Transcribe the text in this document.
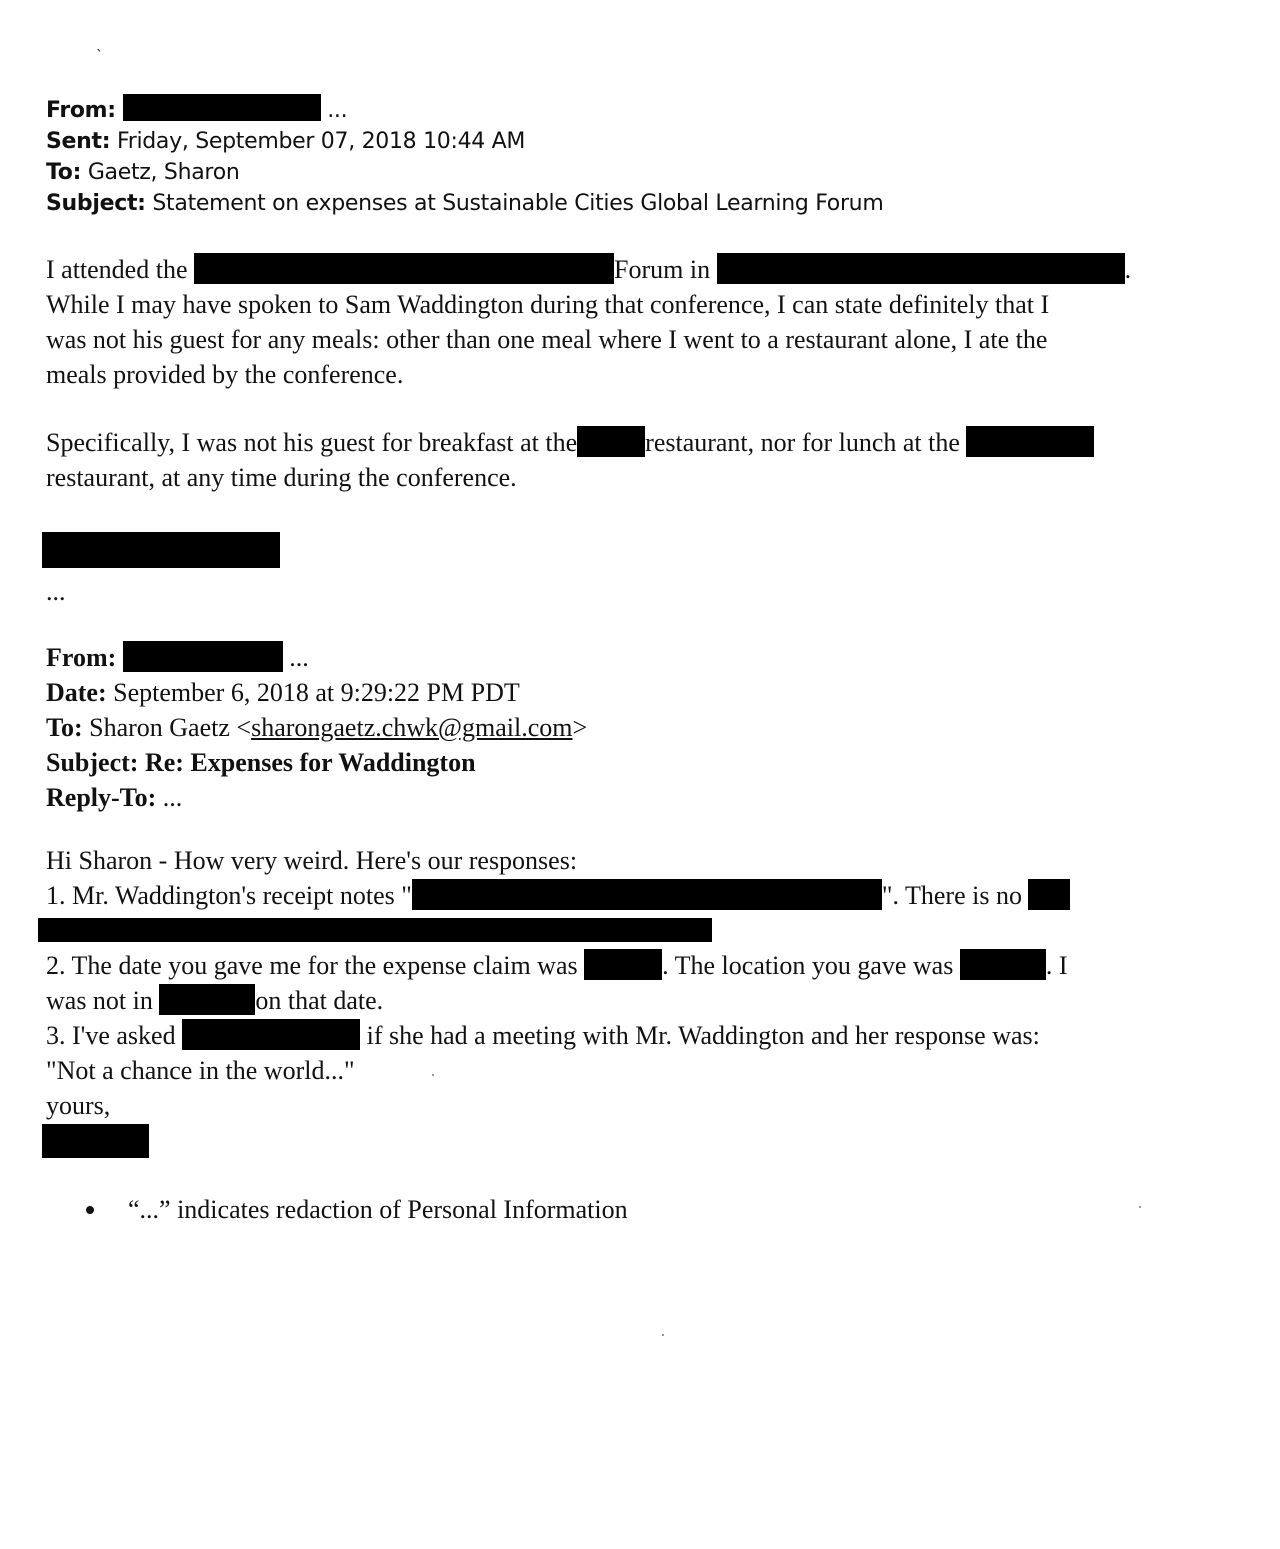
ˎ
From:	...
Sent: Friday, September 07, 2018 10:44 AM
To: Gaetz, Sharon
Subject: Statement on expenses at Sustainable Cities Global Learning Forum
I attended the	Forum in	.
While I may have spoken to Sam Waddington during that conference, I can state definitely that I
was not his guest for any meals: other than one meal where I went to a restaurant alone, I ate the
meals provided by the conference.
Specifically, I was not his guest for breakfast at the	restaurant, nor for lunch at the
restaurant, at any time during the conference.
...
From:	...
Date: September 6, 2018 at 9:29:22 PM PDT
To: Sharon Gaetz <sharongaetz.chwk@gmail.com>
Subject: Re: Expenses for Waddington
Reply-To: ...
Hi Sharon - How very weird. Here's our responses:
1. Mr. Waddington's receipt notes "	". There is no
2. The date you gave me for the expense claim was	. The location you gave was	. I
was not in	on that date.
3. I've asked	if she had a meeting with Mr. Waddington and her response was:
"Not a chance in the world..."
yours,
“...” indicates redaction of Personal Information
